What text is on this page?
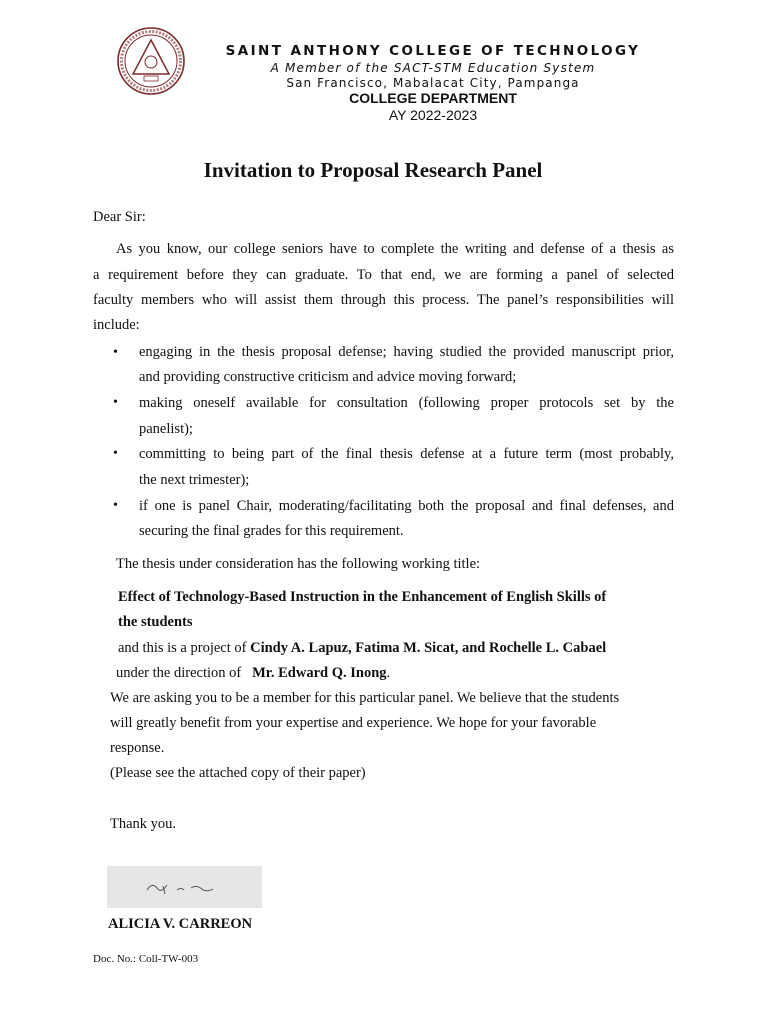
SAINT ANTHONY COLLEGE OF TECHNOLOGY
A Member of the SACT-STM Education System
San Francisco, Mabalacat City, Pampanga
COLLEGE DEPARTMENT
AY 2022-2023
Invitation to Proposal Research Panel
Dear Sir:
As you know, our college seniors have to complete the writing and defense of a thesis as
a requirement before they can graduate. To that end, we are forming a panel of selected
faculty members who will assist them through this process. The panel’s responsibilities will
include:
•	engaging in the thesis proposal defense; having studied the provided manuscript prior,
and providing constructive criticism and advice moving forward;
•	making oneself available for consultation (following proper protocols set by the
panelist);
•	committing to being part of the final thesis defense at a future term (most probably,
the next trimester);
•	if one is panel Chair, moderating/facilitating both the proposal and final defenses, and
securing the final grades for this requirement.
The thesis under consideration has the following working title:
Effect of Technology-Based Instruction in the Enhancement of English Skills of
the students
and this is a project of Cindy A. Lapuz, Fatima M. Sicat, and Rochelle L. Cabael
under the direction of Mr. Edward Q. Inong.
We are asking you to be a member for this particular panel. We believe that the students
will greatly benefit from your expertise and experience. We hope for your favorable
response.
(Please see the attached copy of their paper)
Thank you.
ALICIA V. CARREON
Doc. No.: Coll-TW-003
